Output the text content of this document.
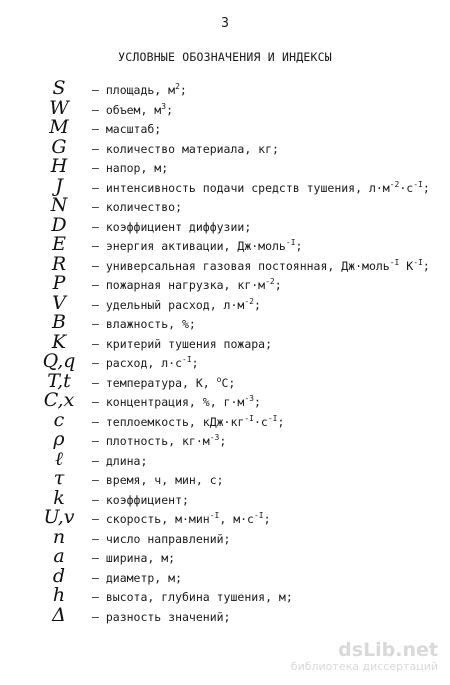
3
УСЛОВНЫЕ ОБОЗНАЧЕНИЯ И ИНДЕКСЫ
S	– площадь, $м^2$;
W	– объем, $м^3$;
M	– масштаб;
G	– количество материала, кг;
H	– напор, м;
J	– интенсивность подачи средств тушения, $л\cdot м^{-2}\cdot с^{-I}$;
N	– количество;
D	– коэффициент диффузии;
E	– энергия активации, Дж·моль$^{-I}$;
R	– универсальная газовая постоянная, Дж·моль$^{-I}$ $К^{-I}$;
P	– пожарная нагрузка, $кг\cdot м^{-2}$;
V	– удельный расход, $л\cdot м^{-2}$;
B	– влажность, %;
K	– критерий тушения пожара;
Q,q	– расход, $л\cdot с^{-I}$;
T,t	– температура, К, $^о$С;
C,x	– концентрация, %, $г\cdot м^{-3}$;
c	– теплоемкость, $кДж\cdot кг^{-I}\cdot с^{-I}$;
ρ	– плотность, $кг\cdot м^{-3}$;
ℓ	– длина;
τ	– время, ч, мин, с;
k	– коэффициент;
U,v	– скорость, м·мин$^{-I}$, $м\cdot с^{-I}$;
n	– число направлений;
a	– ширина, м;
d	– диаметр, м;
h	– высота, глубина тушения, м;
Δ	– разность значений;
dsLib.net
библиотека диссертаций
